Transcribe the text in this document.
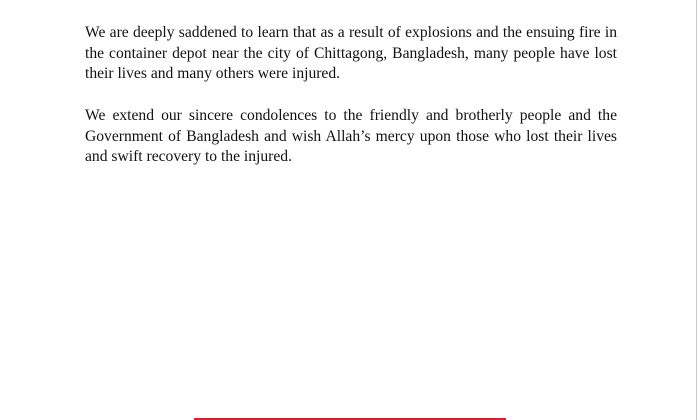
We are deeply saddened to learn that as a result of explosions and the ensuing fire in the container depot near the city of Chittagong, Bangladesh, many people have lost their lives and many others were injured.

We extend our sincere condolences to the friendly and brotherly people and the Government of Bangladesh and wish Allah’s mercy upon those who lost their lives and swift recovery to the injured.
